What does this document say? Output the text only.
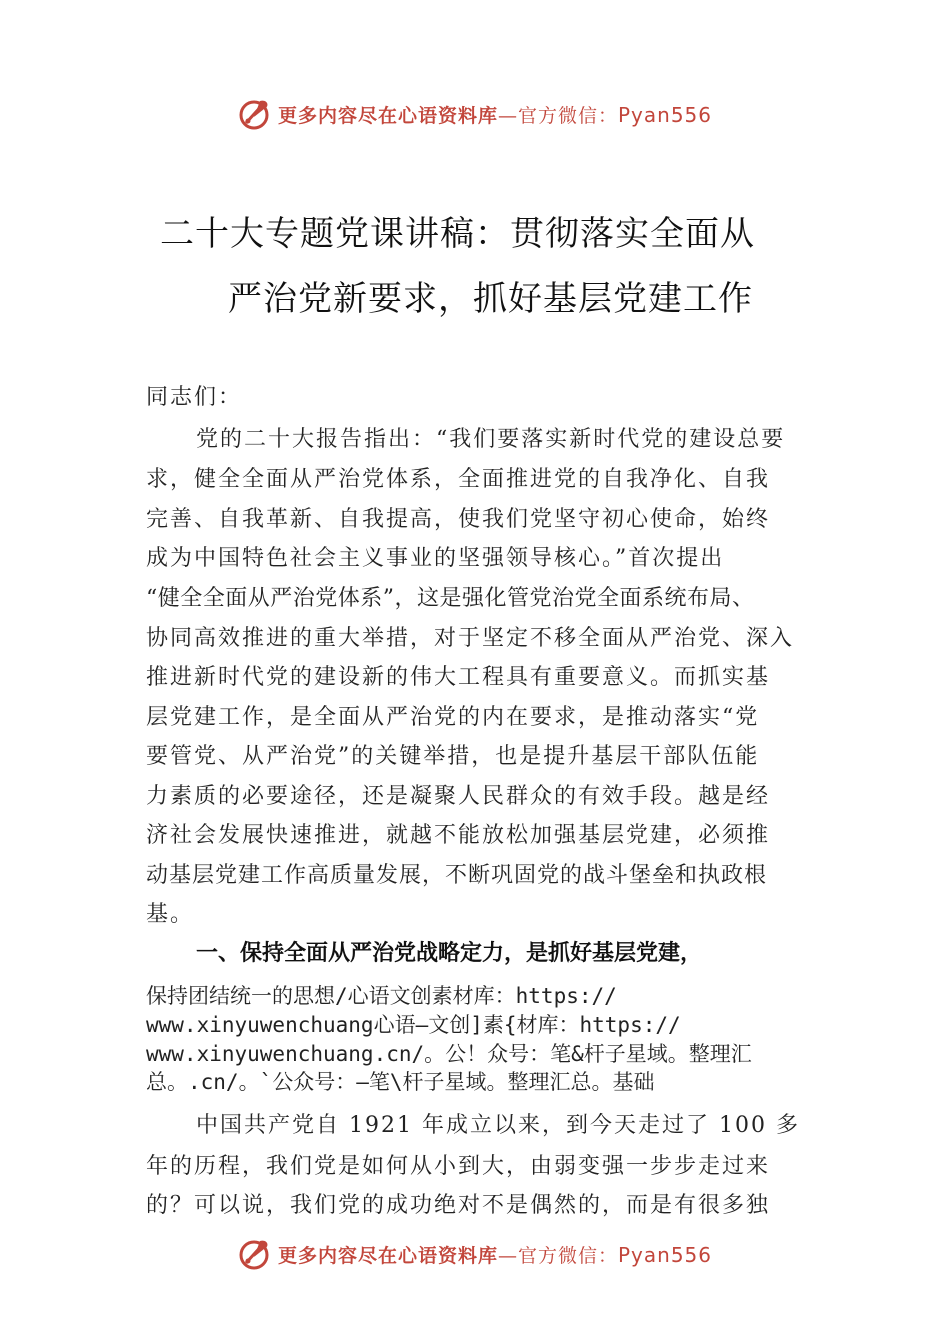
更多内容尽在心语资料库—官方微信：Pyan556
二十大专题党课讲稿：贯彻落实全面从
严治党新要求，抓好基层党建工作
同志们：
党的二十大报告指出：“我们要落实新时代党的建设总要
求，健全全面从严治党体系，全面推进党的自我净化、自我
完善、自我革新、自我提高，使我们党坚守初心使命，始终
成为中国特色社会主义事业的坚强领导核心。”首次提出
“健全全面从严治党体系”，这是强化管党治党全面系统布局、
协同高效推进的重大举措，对于坚定不移全面从严治党、深入
推进新时代党的建设新的伟大工程具有重要意义。而抓实基
层党建工作，是全面从严治党的内在要求，是推动落实“党
要管党、从严治党”的关键举措，也是提升基层干部队伍能
力素质的必要途径，还是凝聚人民群众的有效手段。越是经
济社会发展快速推进，就越不能放松加强基层党建，必须推
动基层党建工作高质量发展，不断巩固党的战斗堡垒和执政根
基。
一、保持全面从严治党战略定力，是抓好基层党建，
保持团结统一的思想/心语文创素材库：https://
www.xinyuwenchuang心语—文创]素{材库：https://
www.xinyuwenchuang.cn/。公！众号：笔&杆子星域。整理汇
总。.cn/。`公众号：—笔\杆子星域。整理汇总。基础
中国共产党自 1921 年成立以来，到今天走过了 100 多
年的历程，我们党是如何从小到大，由弱变强一步步走过来
的？可以说，我们党的成功绝对不是偶然的，而是有很多独
更多内容尽在心语资料库—官方微信：Pyan556
